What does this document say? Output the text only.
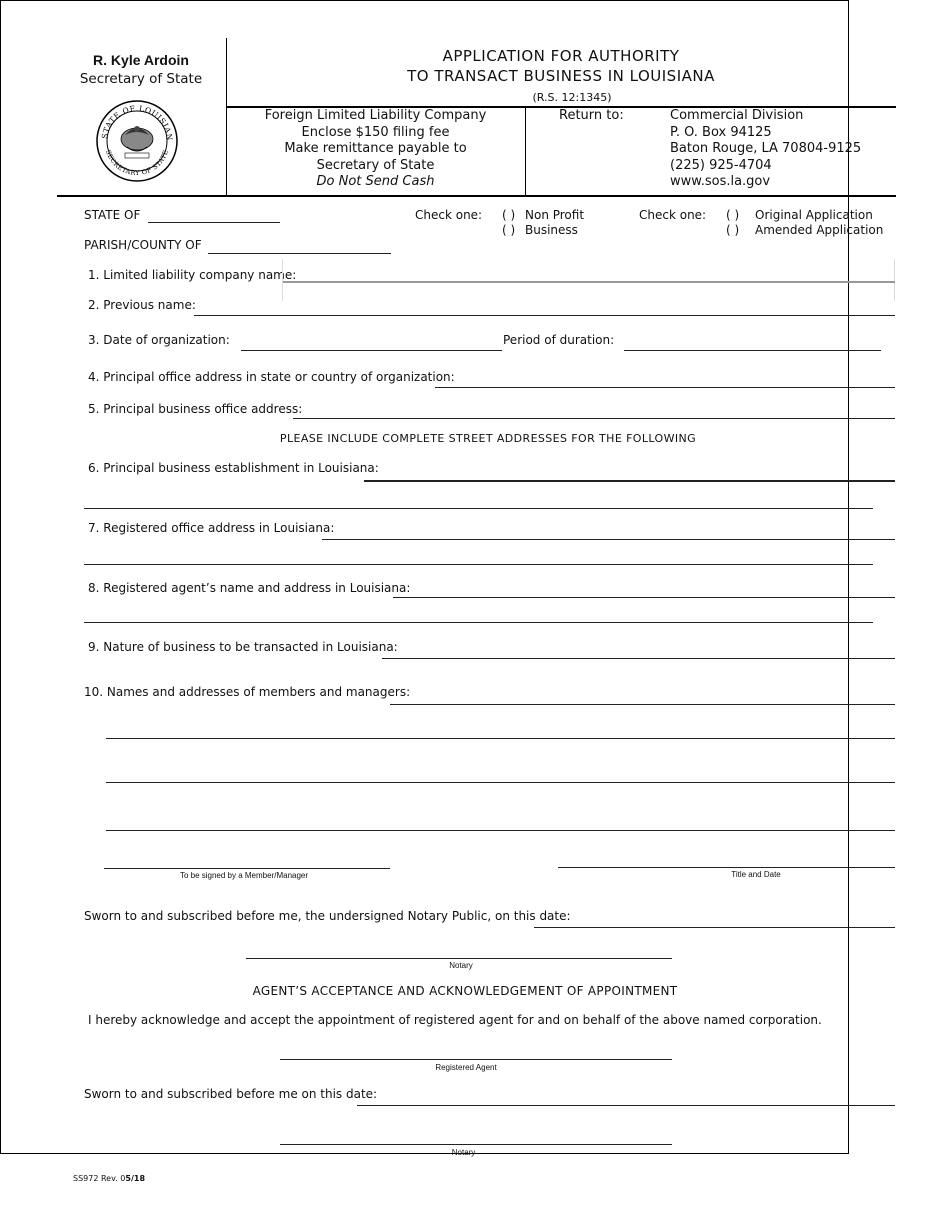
R. Kyle Ardoin
Secretary of State
STATE OF LOUISIAN
SECRETARY OF STATE
APPLICATION FOR AUTHORITY
TO TRANSACT BUSINESS IN LOUISIANA
(R.S. 12:1345)
Foreign Limited Liability Company
Enclose $150 filing fee
Make remittance payable to
Secretary of State
Do Not Send Cash
Return to:	Commercial Division
P. O. Box 94125
Baton Rouge, LA 70804-9125
(225) 925-4704
www.sos.la.gov
STATE OF
PARISH/COUNTY OF
Check one: ( ) Non Profit
( ) Business
Check one: ( ) Original Application
( ) Amended Application
1. Limited liability company name:
2. Previous name:
3. Date of organization:	Period of duration:
4. Principal office address in state or country of organization:
5. Principal business office address:
PLEASE INCLUDE COMPLETE STREET ADDRESSES FOR THE FOLLOWING
6. Principal business establishment in Louisiana:
7. Registered office address in Louisiana:
8. Registered agent’s name and address in Louisiana:
9. Nature of business to be transacted in Louisiana:
10. Names and addresses of members and managers:
To be signed by a Member/Manager	Title and Date
Sworn to and subscribed before me, the undersigned Notary Public, on this date:
Notary
AGENT’S ACCEPTANCE AND ACKNOWLEDGEMENT OF APPOINTMENT
I hereby acknowledge and accept the appointment of registered agent for and on behalf of the above named corporation.
Registered Agent
Sworn to and subscribed before me on this date:
Notary
SS972 Rev. 05/18
